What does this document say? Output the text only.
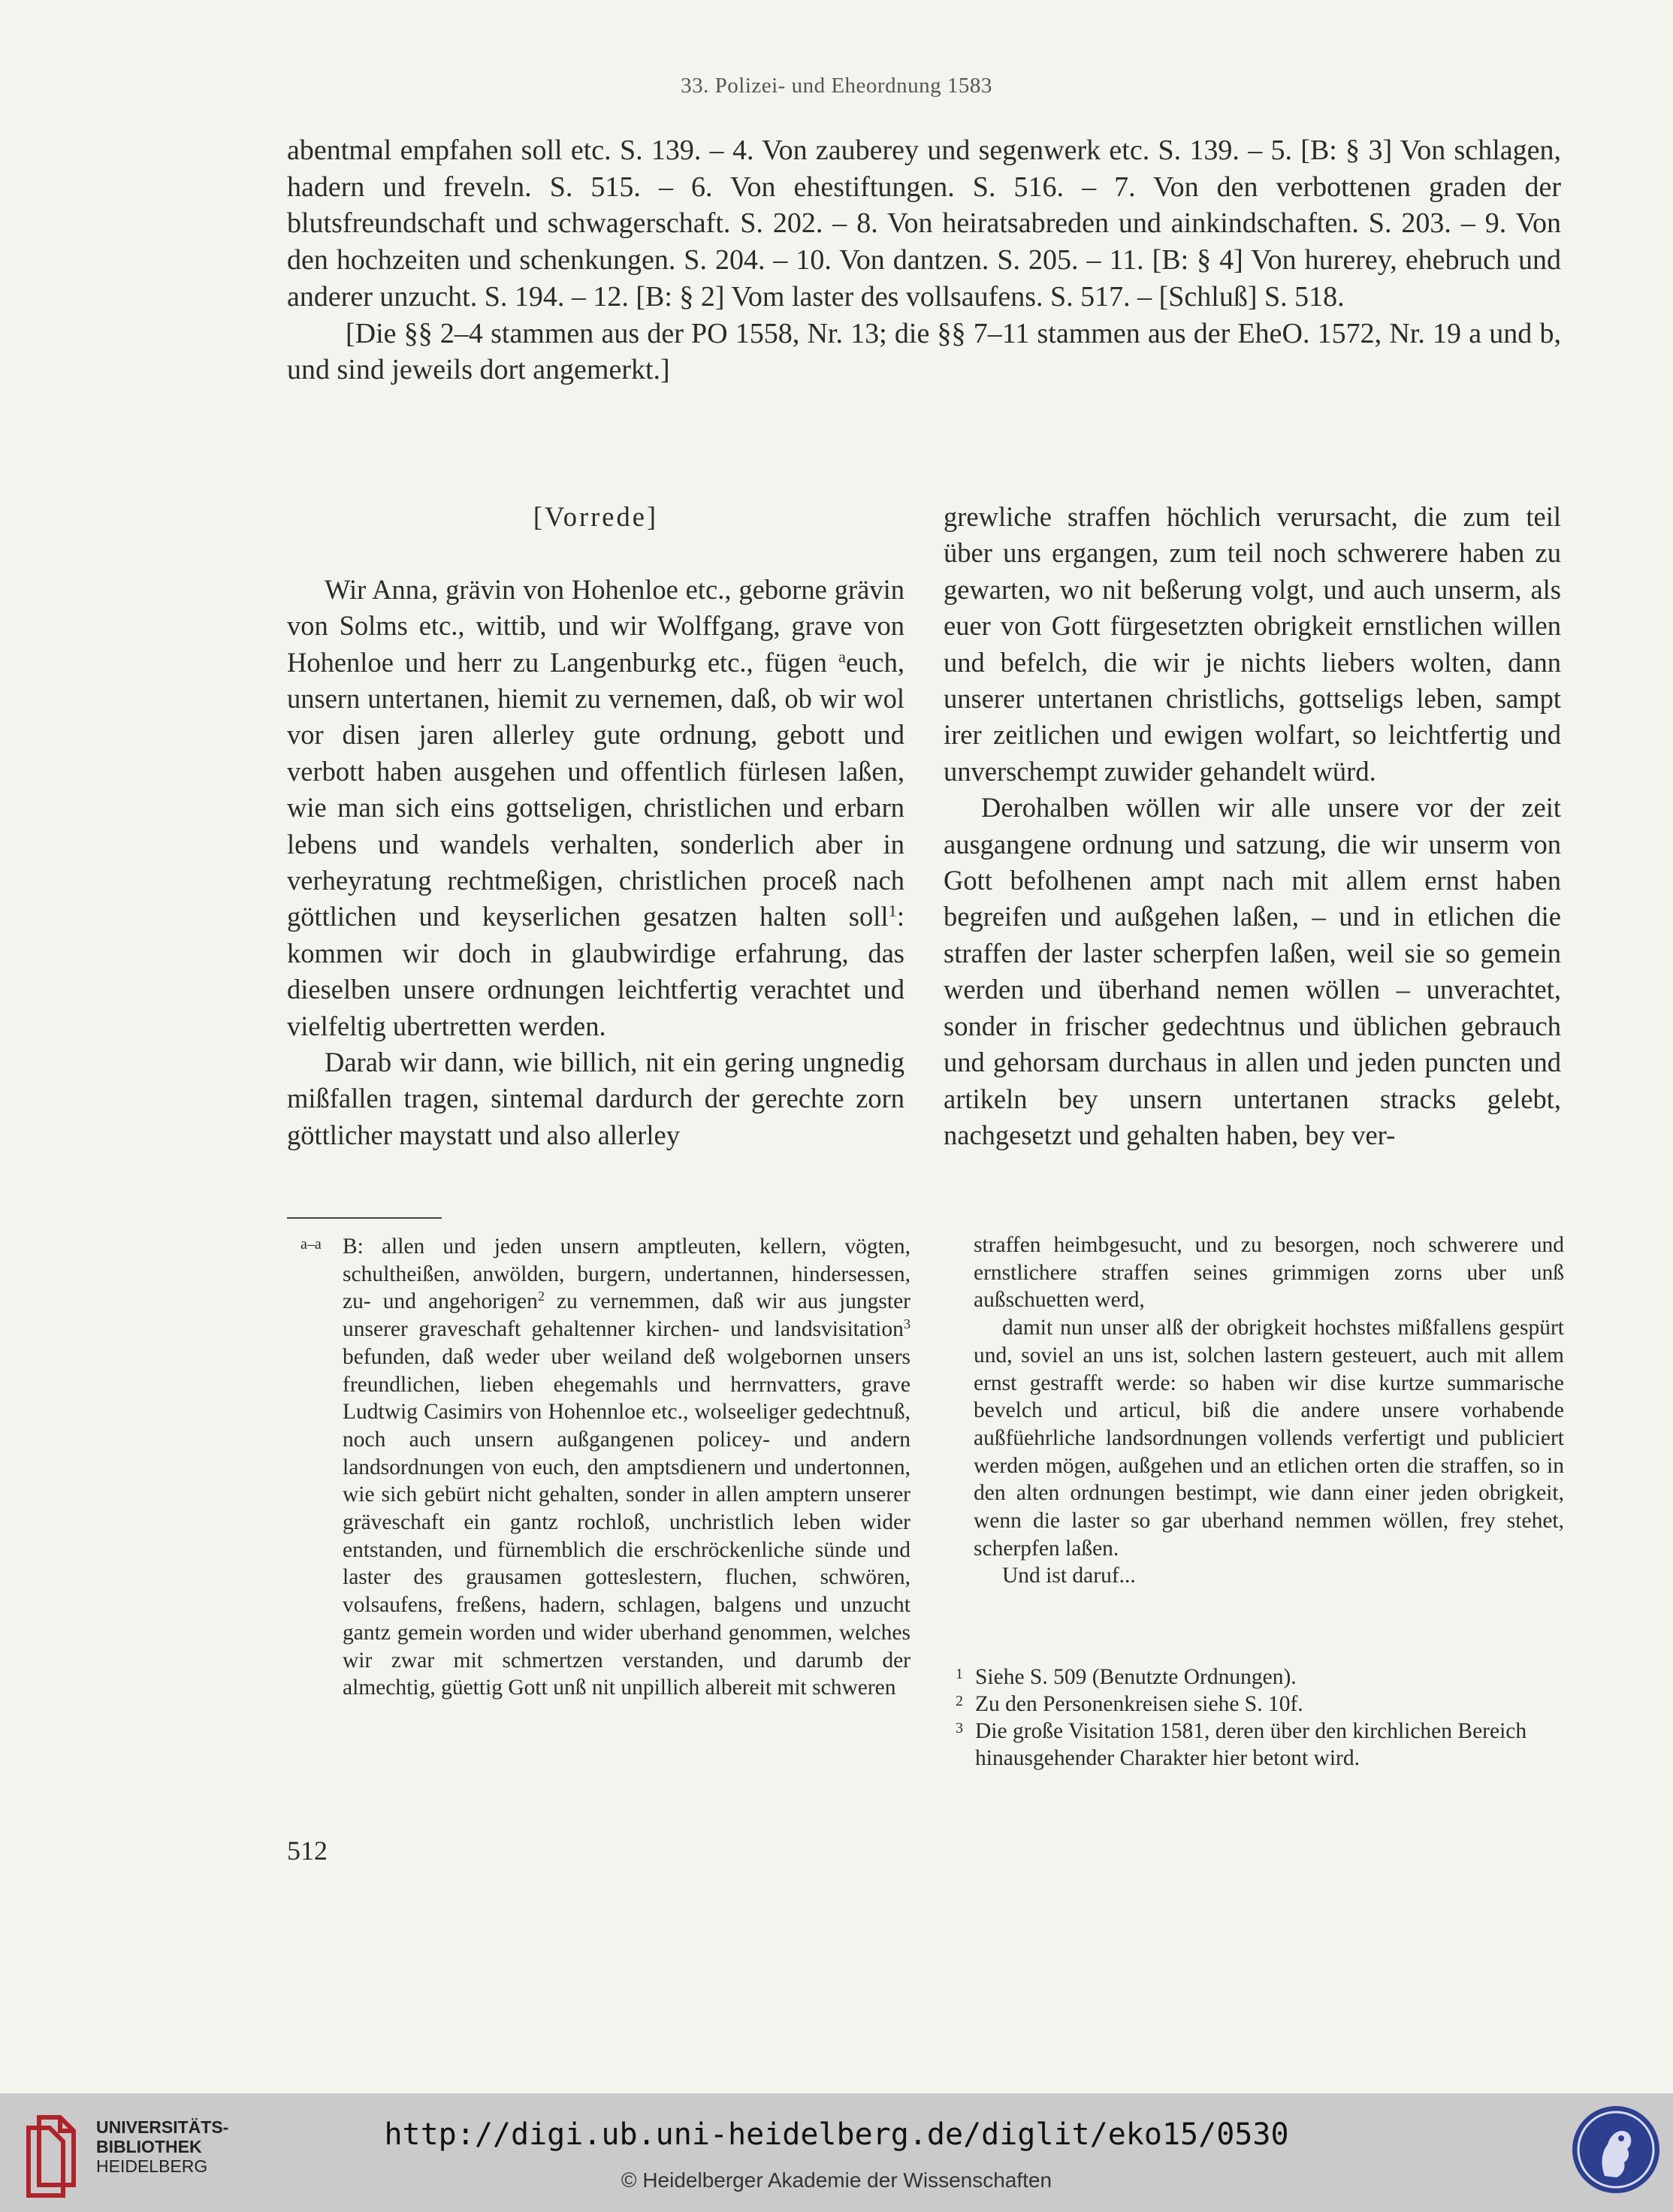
33. Polizei- und Eheordnung 1583

abentmal empfahen soll etc. S. 139. – 4. Von zauberey und segenwerk etc. S. 139. – 5. [B: § 3] Von schlagen, hadern und freveln. S. 515. – 6. Von ehestiftungen. S. 516. – 7. Von den verbottenen graden der blutsfreundschaft und schwagerschaft. S. 202. – 8. Von heiratsabreden und ainkindschaften. S. 203. – 9. Von den hochzeiten und schenkungen. S. 204. – 10. Von dantzen. S. 205. – 11. [B: § 4] Von hurerey, ehebruch und anderer unzucht. S. 194. – 12. [B: § 2] Vom laster des vollsaufens. S. 517. – [Schluß] S. 518.

[Die §§ 2–4 stammen aus der PO 1558, Nr. 13; die §§ 7–11 stammen aus der EheO. 1572, Nr. 19 a und b, und sind jeweils dort angemerkt.]

[Vorrede]

Wir Anna, grävin von Hohenloe etc., geborne grävin von Solms etc., wittib, und wir Wolffgang, grave von Hohenloe und herr zu Langenburkg etc., fügen $^a$euch, unsern untertanen, hiemit zu vernemen, daß, ob wir wol vor disen jaren allerley gute ordnung, gebott und verbott haben ausgehen und offentlich fürlesen laßen, wie man sich eins gottseligen, christlichen und erbarn lebens und wandels verhalten, sonderlich aber in verheyratung rechtmeßigen, christlichen proceß nach göttlichen und keyserlichen gesatzen halten soll$^1$: kommen wir doch in glaubwirdige erfahrung, das dieselben unsere ordnungen leichtfertig verachtet und vielfeltig ubertretten werden.

Darab wir dann, wie billich, nit ein gering ungnedig mißfallen tragen, sintemal dardurch der gerechte zorn göttlicher maystatt und also allerley

grewliche straffen höchlich verursacht, die zum teil über uns ergangen, zum teil noch schwerere haben zu gewarten, wo nit beßerung volgt, und auch unserm, als euer von Gott fürgesetzten obrigkeit ernstlichen willen und befelch, die wir je nichts liebers wolten, dann unserer untertanen christlichs, gottseligs leben, sampt irer zeitlichen und ewigen wolfart, so leichtfertig und unverschempt zuwider gehandelt würd.

Derohalben wöllen wir alle unsere vor der zeit ausgangene ordnung und satzung, die wir unserm von Gott befolhenen ampt nach mit allem ernst haben begreifen und außgehen laßen, – und in etlichen die straffen der laster scherpfen laßen, weil sie so gemein werden und überhand nemen wöllen – unverachtet, sonder in frischer gedechtnus und üblichen gebrauch und gehorsam durchaus in allen und jeden puncten und artikeln bey unsern untertanen stracks gelebt, nachgesetzt und gehalten haben, bey ver-

a–a B: allen und jeden unsern amptleuten, kellern, vögten, schultheißen, anwölden, burgern, undertannen, hindersessen, zu- und angehorigen$^2$ zu vernemmen, daß wir aus jungster unserer graveschaft gehaltenner kirchen- und landsvisitation$^3$ befunden, daß weder uber weiland deß wolgebornen unsers freundlichen, lieben ehegemahls und herrnvatters, grave Ludtwig Casimirs von Hohennloe etc., wolseeliger gedechtnuß, noch auch unsern außgangenen policey- und andern landsordnungen von euch, den amptsdienern und undertonnen, wie sich gebürt nicht gehalten, sonder in allen amptern unserer gräveschaft ein gantz rochloß, unchristlich leben wider entstanden, und fürnemblich die erschröckenliche sünde und laster des grausamen gotteslestern, fluchen, schwören, volsaufens, freßens, hadern, schlagen, balgens und unzucht gantz gemein worden und wider uberhand genommen, welches wir zwar mit schmertzen verstanden, und darumb der almechtig, güettig Gott unß nit unpillich albereit mit schweren

straffen heimbgesucht, und zu besorgen, noch schwerere und ernstlichere straffen seines grimmigen zorns uber unß außschuetten werd,

damit nun unser alß der obrigkeit hochstes mißfallens gespürt und, soviel an uns ist, solchen lastern gesteuert, auch mit allem ernst gestrafft werde: so haben wir dise kurtze summarische bevelch und articul, biß die andere unsere vorhabende außfüehrliche landsordnungen vollends verfertigt und publiciert werden mögen, außgehen und an etlichen orten die straffen, so in den alten ordnungen bestimpt, wie dann einer jeden obrigkeit, wenn die laster so gar uberhand nemmen wöllen, frey stehet, scherpfen laßen.

Und ist daruf...

1 Siehe S. 509 (Benutzte Ordnungen).
2 Zu den Personenkreisen siehe S. 10f.
3 Die große Visitation 1581, deren über den kirchlichen Bereich hinausgehender Charakter hier betont wird.
512
UNIVERSITÄTS-
BIBLIOTHEK
HEIDELBERG
http://digi.ub.uni-heidelberg.de/diglit/eko15/0530
© Heidelberger Akademie der Wissenschaften
